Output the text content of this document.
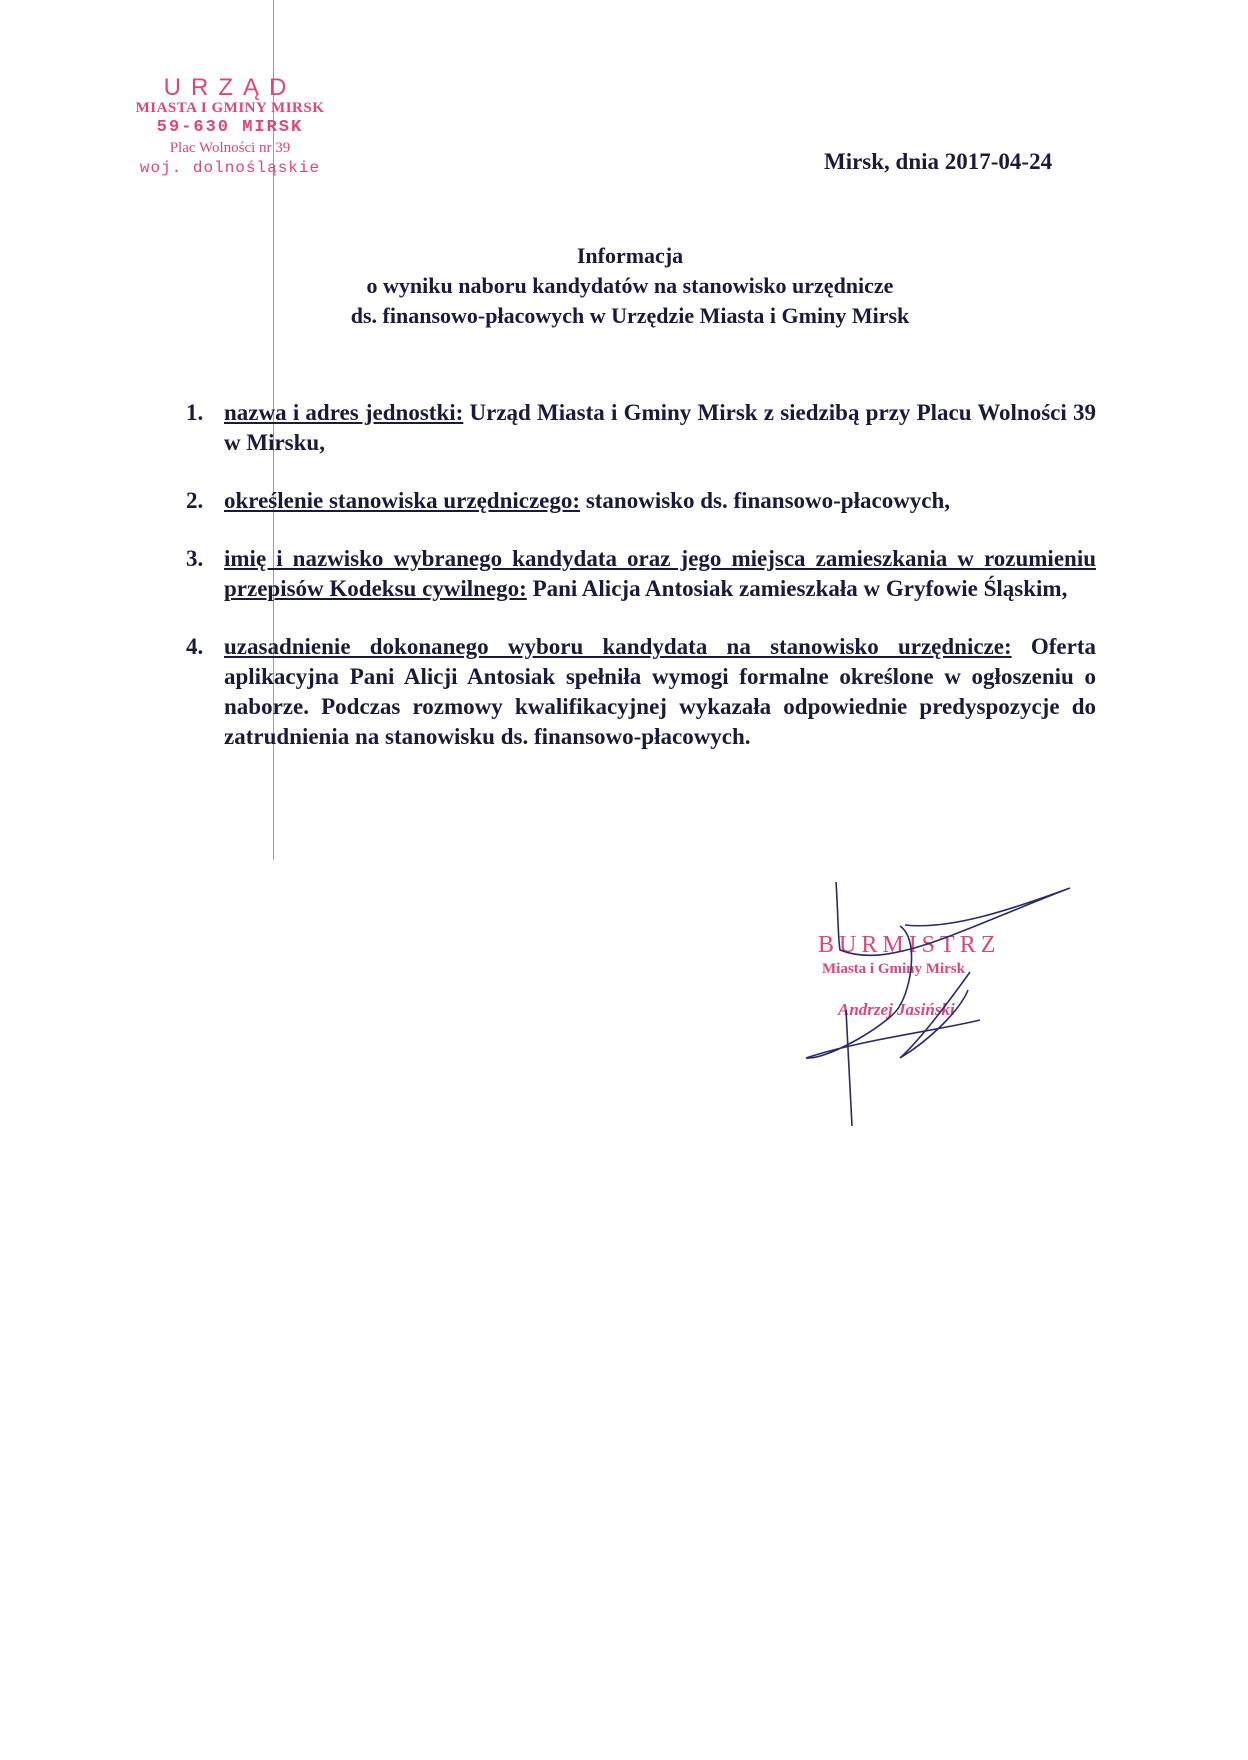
URZĄD
MIASTA I GMINY MIRSK
59-630 MIRSK
Plac Wolności nr 39
woj. dolnośląskie	Mirsk, dnia 2017-04-24
Informacja
o wyniku naboru kandydatów na stanowisko urzędnicze
ds. finansowo-płacowych w Urzędzie Miasta i Gminy Mirsk
1. nazwa i adres jednostki: Urząd Miasta i Gminy Mirsk z siedzibą przy Placu Wolności 39 w Mirsku,
2. określenie stanowiska urzędniczego: stanowisko ds. finansowo-płacowych,
3. imię i nazwisko wybranego kandydata oraz jego miejsca zamieszkania w rozumieniu przepisów Kodeksu cywilnego: Pani Alicja Antosiak zamieszkała w Gryfowie Śląskim,
4. uzasadnienie dokonanego wyboru kandydata na stanowisko urzędnicze: Oferta aplikacyjna Pani Alicji Antosiak spełniła wymogi formalne określone w ogłoszeniu o naborze. Podczas rozmowy kwalifikacyjnej wykazała odpowiednie predyspozycje do zatrudnienia na stanowisku ds. finansowo-płacowych.
BURMISTRZ
Miasta i Gminy Mirsk
Andrzej Jasiński
